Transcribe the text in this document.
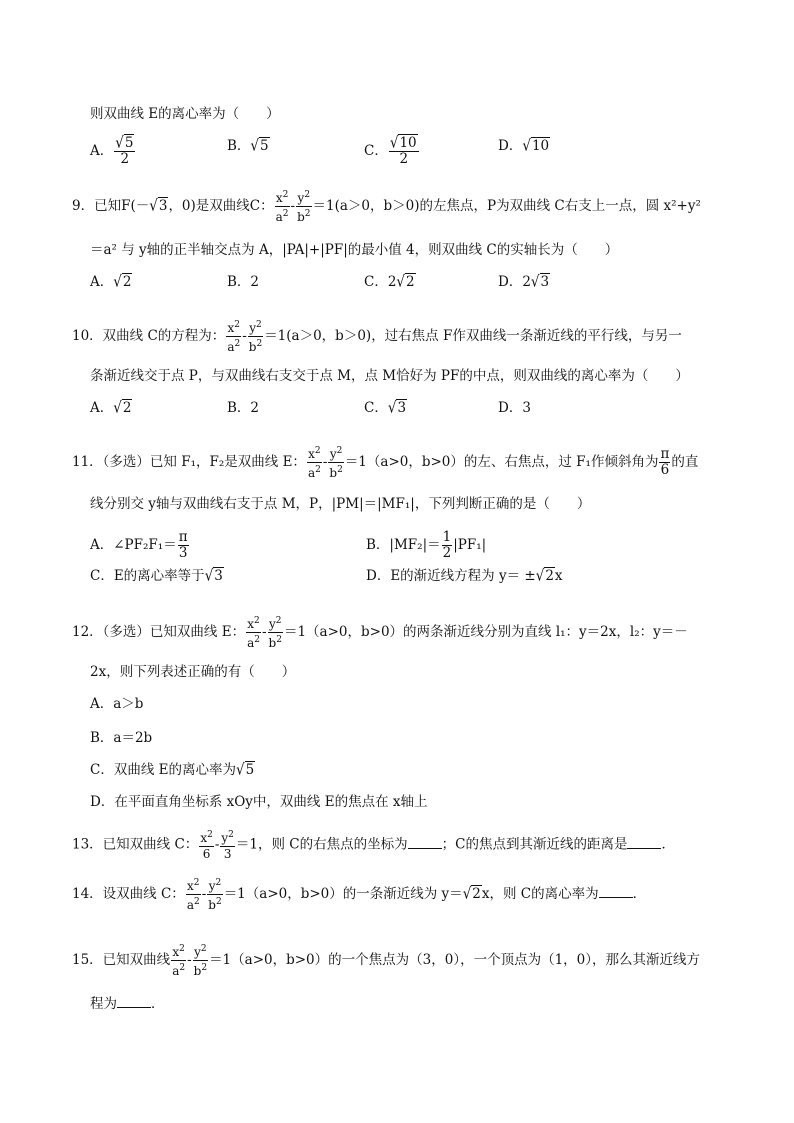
则双曲线 E的离心率为（　　）
A． $\frac{√5}{2}$	B．√5	C． $\frac{√10}{2}$	D．√10
9．已知F(－√3，0)是双曲线C： $\frac{x^2}{a^2} - \frac{y^2}{b^2} =1(a>0$，b＞0)的左焦点，P为双曲线 C右支上一点，圆 x²+y²
＝a² 与 y轴的正半轴交点为 A，|PA|+|PF|的最小值 4，则双曲线 C的实轴长为（　　）
A．√2	B．2	C．2√2	D．2√3
10．双曲线 C的方程为： $\frac{x^2}{a^2} - \frac{y^2}{b^2} =1(a>0$，b＞0)，过右焦点 F作双曲线一条渐近线的平行线，与另一
条渐近线交于点 P，与双曲线右支交于点 M，点 M恰好为 PF的中点，则双曲线的离心率为（　　）
A．√2	B．2	C．√3	D．3
11．（多选）已知 F₁，F₂是双曲线 E： $\frac{x^2}{a^2} - \frac{y^2}{b^2} =1(a>0$，b>0）的左、右焦点，过 F₁作倾斜角为 $\frac{\pi}{6}$ 的直
线分别交 y轴与双曲线右支于点 M，P，|PM|＝|MF₁|，下列判断正确的是（　　）
A．∠PF₂F₁＝ $\frac{\pi}{3}$	B．$|MF_2|= \frac{1}{2} |PF_1|$
C．E的离心率等于√3	D．E的渐近线方程为 y＝ ±√2x
12．（多选）已知双曲线 E： $\frac{x^2}{a^2} - \frac{y^2}{b^2} =1(a>0$，b>0）的两条渐近线分别为直线 l₁：y＝2x，l₂：y＝－
2x，则下列表述正确的有（　　）
A．a＞b
B．a＝2b
C．双曲线 E的离心率为√5
D．在平面直角坐标系 xOy中，双曲线 E的焦点在 x轴上
13．已知双曲线 C： $\frac{x^2}{6} - \frac{y^2}{3} =1$，则 C的右焦点的坐标为	；C的焦点到其渐近线的距离是	．
14．设双曲线 C： $\frac{x^2}{a^2} - \frac{y^2}{b^2} =1(a>0$，b>0）的一条渐近线为 y＝√2x，则 C的离心率为	．
15．已知双曲线 $\frac{x^2}{a^2} - \frac{y^2}{b^2} =1(a>0$，b>0）的一个焦点为（3，0），一个顶点为（1，0），那么其渐近线方
程为	．
